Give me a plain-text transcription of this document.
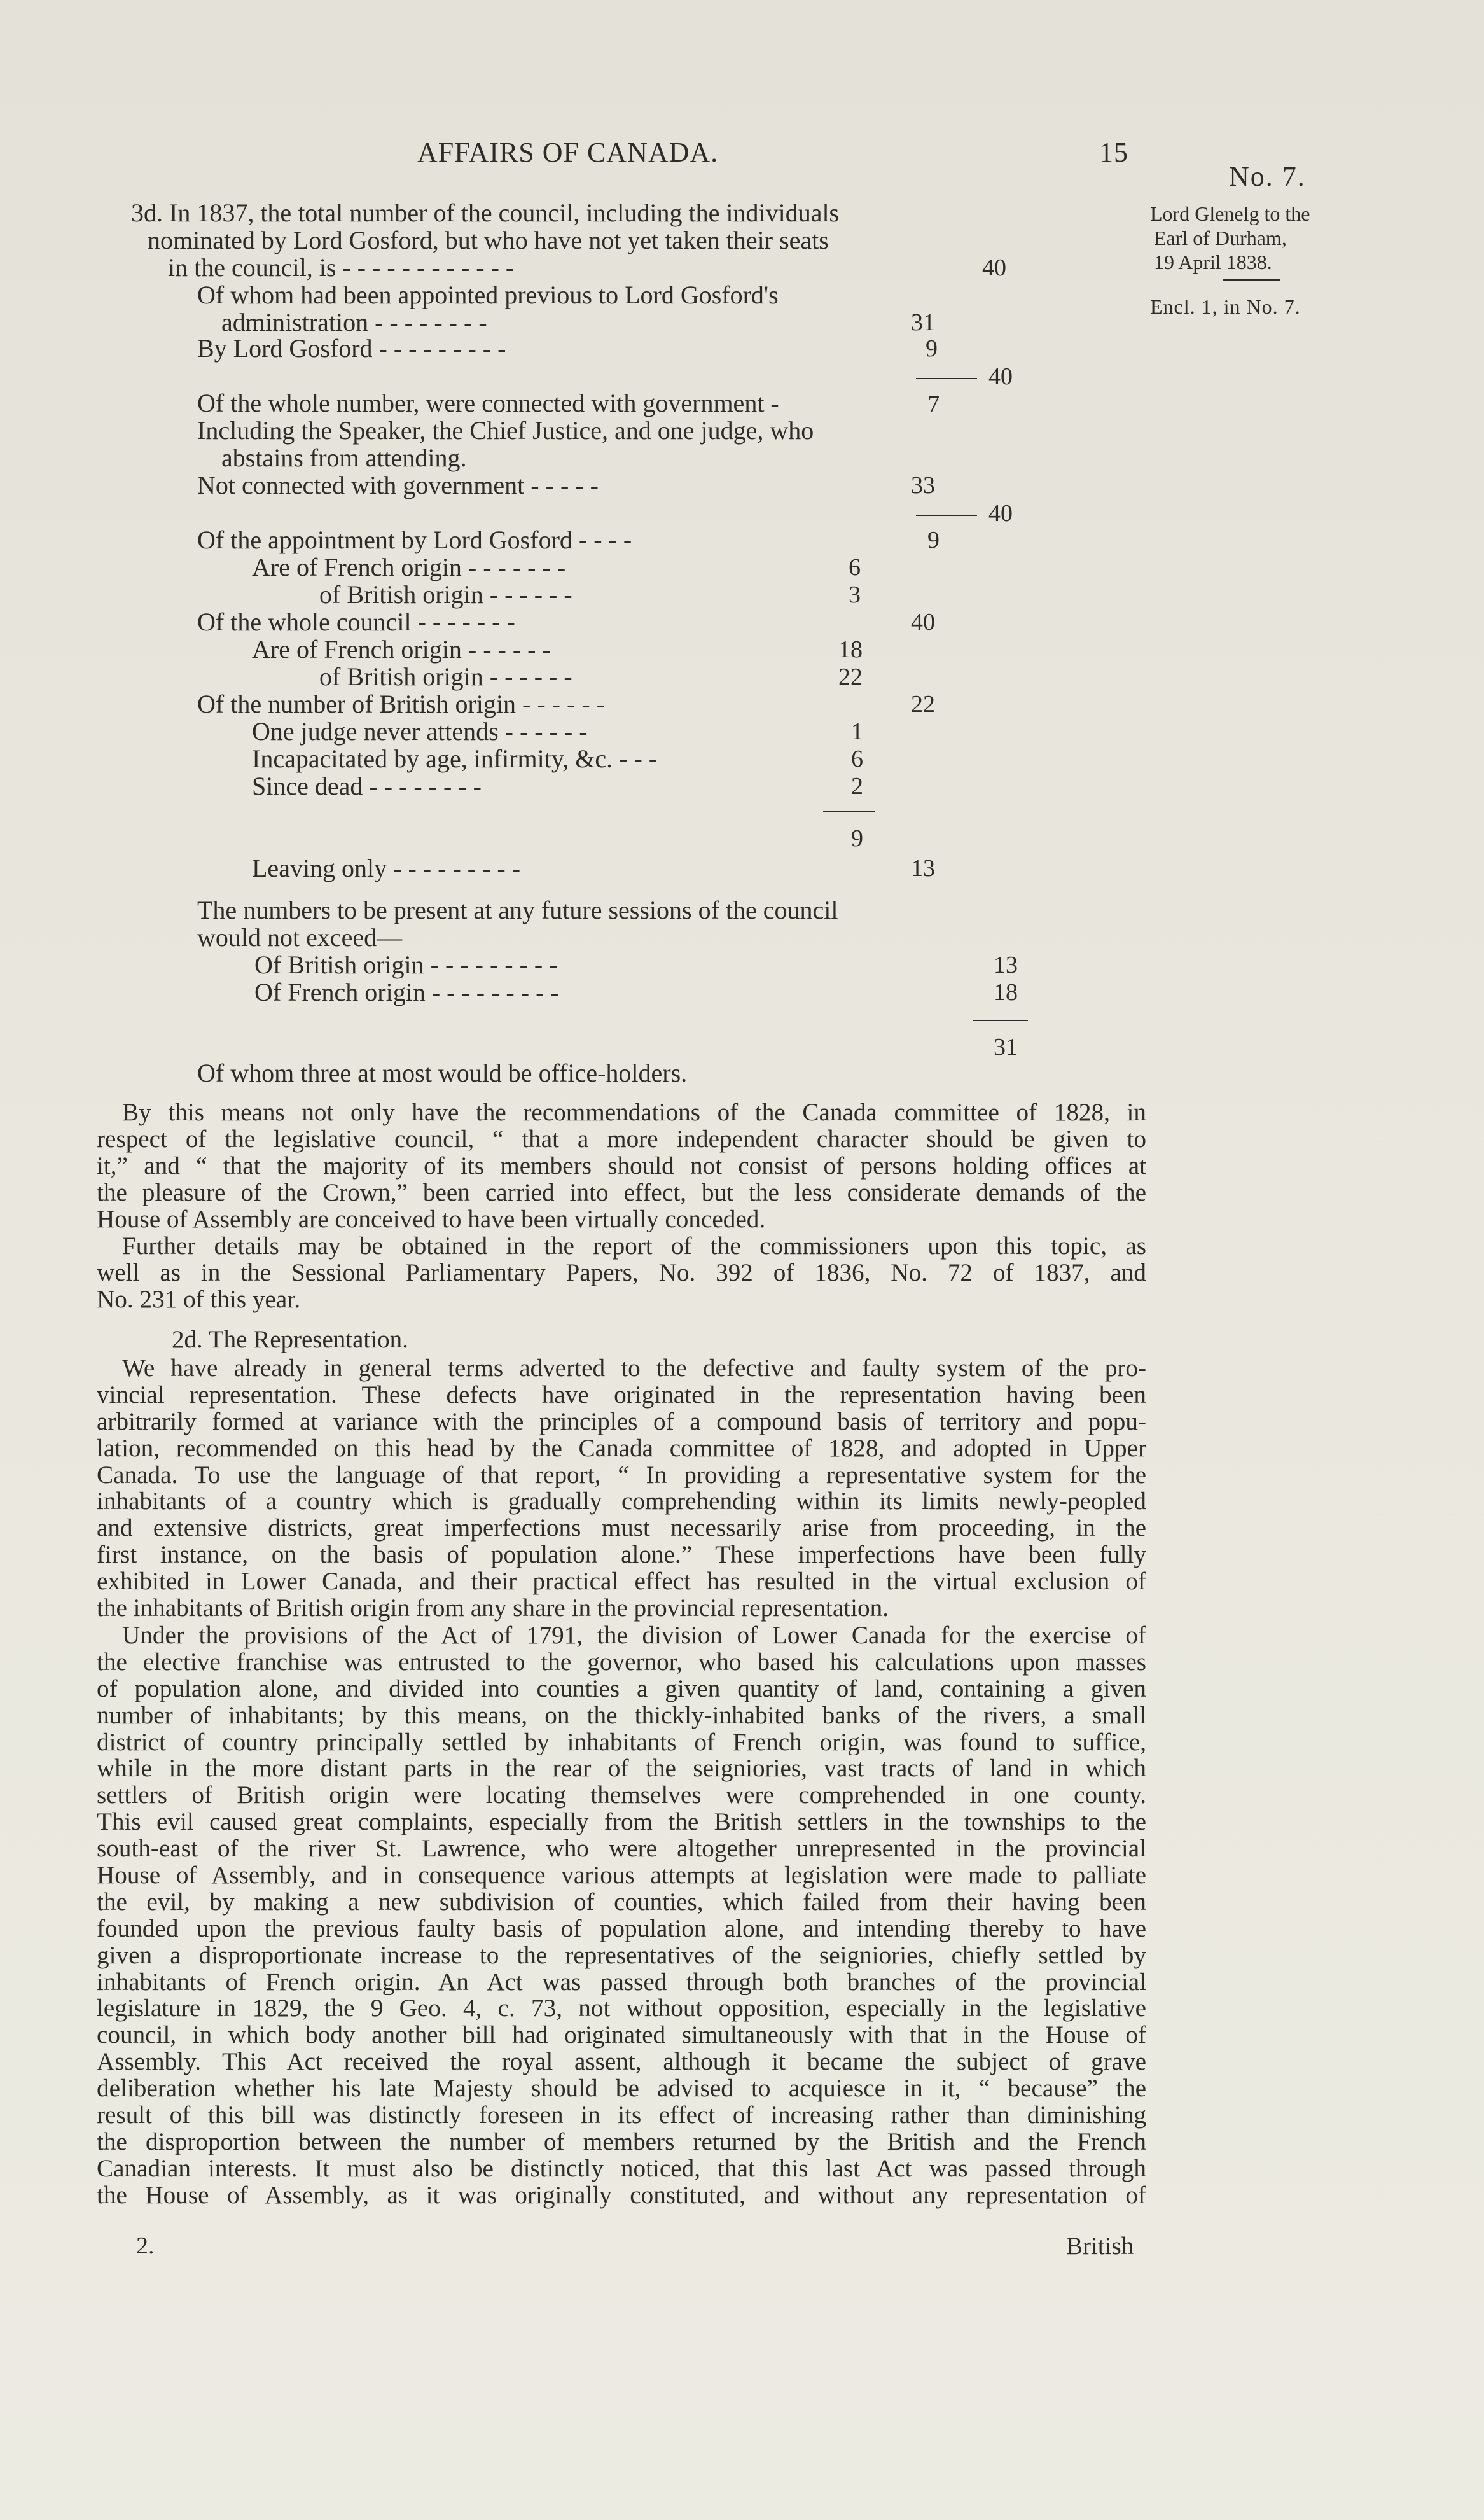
AFFAIRS OF CANADA.	15
No. 7.
Lord Glenelg to the
Earl of Durham,
19 April 1838.
Encl. 1, in No. 7.
3d. In 1837, the total number of the council, including the individuals
nominated by Lord Gosford, but who have not yet taken their seats
in the council, is - - - - - - - - - - - -	40
Of whom had been appointed previous to Lord Gosford's
administration - - - - - - - -	31
By Lord Gosford - - - - - - - - -	9
40
Of the whole number, were connected with government -	7
Including the Speaker, the Chief Justice, and one judge, who
abstains from attending.
Not connected with government - - - - -	33
40
Of the appointment by Lord Gosford - - - -	9
Are of French origin - - - - - - -	6
of British origin - - - - - -	3
Of the whole council - - - - - - -	40
Are of French origin - - - - - -	18
of British origin - - - - - -	22
Of the number of British origin - - - - - -	22
One judge never attends - - - - - -	1
Incapacitated by age, infirmity, &c. - - -	6
Since dead - - - - - - - -	2
9
Leaving only - - - - - - - - -	13
The numbers to be present at any future sessions of the council
would not exceed—
Of British origin - - - - - - - - -	13
Of French origin - - - - - - - - -	18
31
Of whom three at most would be office-holders.
By this means not only have the recommendations of the Canada committee of 1828, in
respect of the legislative council, “ that a more independent character should be given to
it,” and “ that the majority of its members should not consist of persons holding offices at
the pleasure of the Crown,” been carried into effect, but the less considerate demands of the
House of Assembly are conceived to have been virtually conceded.
Further details may be obtained in the report of the commissioners upon this topic, as
well as in the Sessional Parliamentary Papers, No. 392 of 1836, No. 72 of 1837, and
No. 231 of this year.
2d. The Representation.
We have already in general terms adverted to the defective and faulty system of the pro-
vincial representation. These defects have originated in the representation having been
arbitrarily formed at variance with the principles of a compound basis of territory and popu-
lation, recommended on this head by the Canada committee of 1828, and adopted in Upper
Canada. To use the language of that report, “ In providing a representative system for the
inhabitants of a country which is gradually comprehending within its limits newly-peopled
and extensive districts, great imperfections must necessarily arise from proceeding, in the
first instance, on the basis of population alone.” These imperfections have been fully
exhibited in Lower Canada, and their practical effect has resulted in the virtual exclusion of
the inhabitants of British origin from any share in the provincial representation.
Under the provisions of the Act of 1791, the division of Lower Canada for the exercise of
the elective franchise was entrusted to the governor, who based his calculations upon masses
of population alone, and divided into counties a given quantity of land, containing a given
number of inhabitants; by this means, on the thickly-inhabited banks of the rivers, a small
district of country principally settled by inhabitants of French origin, was found to suffice,
while in the more distant parts in the rear of the seigniories, vast tracts of land in which
settlers of British origin were locating themselves were comprehended in one county.
This evil caused great complaints, especially from the British settlers in the townships to the
south-east of the river St. Lawrence, who were altogether unrepresented in the provincial
House of Assembly, and in consequence various attempts at legislation were made to palliate
the evil, by making a new subdivision of counties, which failed from their having been
founded upon the previous faulty basis of population alone, and intending thereby to have
given a disproportionate increase to the representatives of the seigniories, chiefly settled by
inhabitants of French origin. An Act was passed through both branches of the provincial
legislature in 1829, the 9 Geo. 4, c. 73, not without opposition, especially in the legislative
council, in which body another bill had originated simultaneously with that in the House of
Assembly. This Act received the royal assent, although it became the subject of grave
deliberation whether his late Majesty should be advised to acquiesce in it, “ because” the
result of this bill was distinctly foreseen in its effect of increasing rather than diminishing
the disproportion between the number of members returned by the British and the French
Canadian interests. It must also be distinctly noticed, that this last Act was passed through
the House of Assembly, as it was originally constituted, and without any representation of
2.	British
